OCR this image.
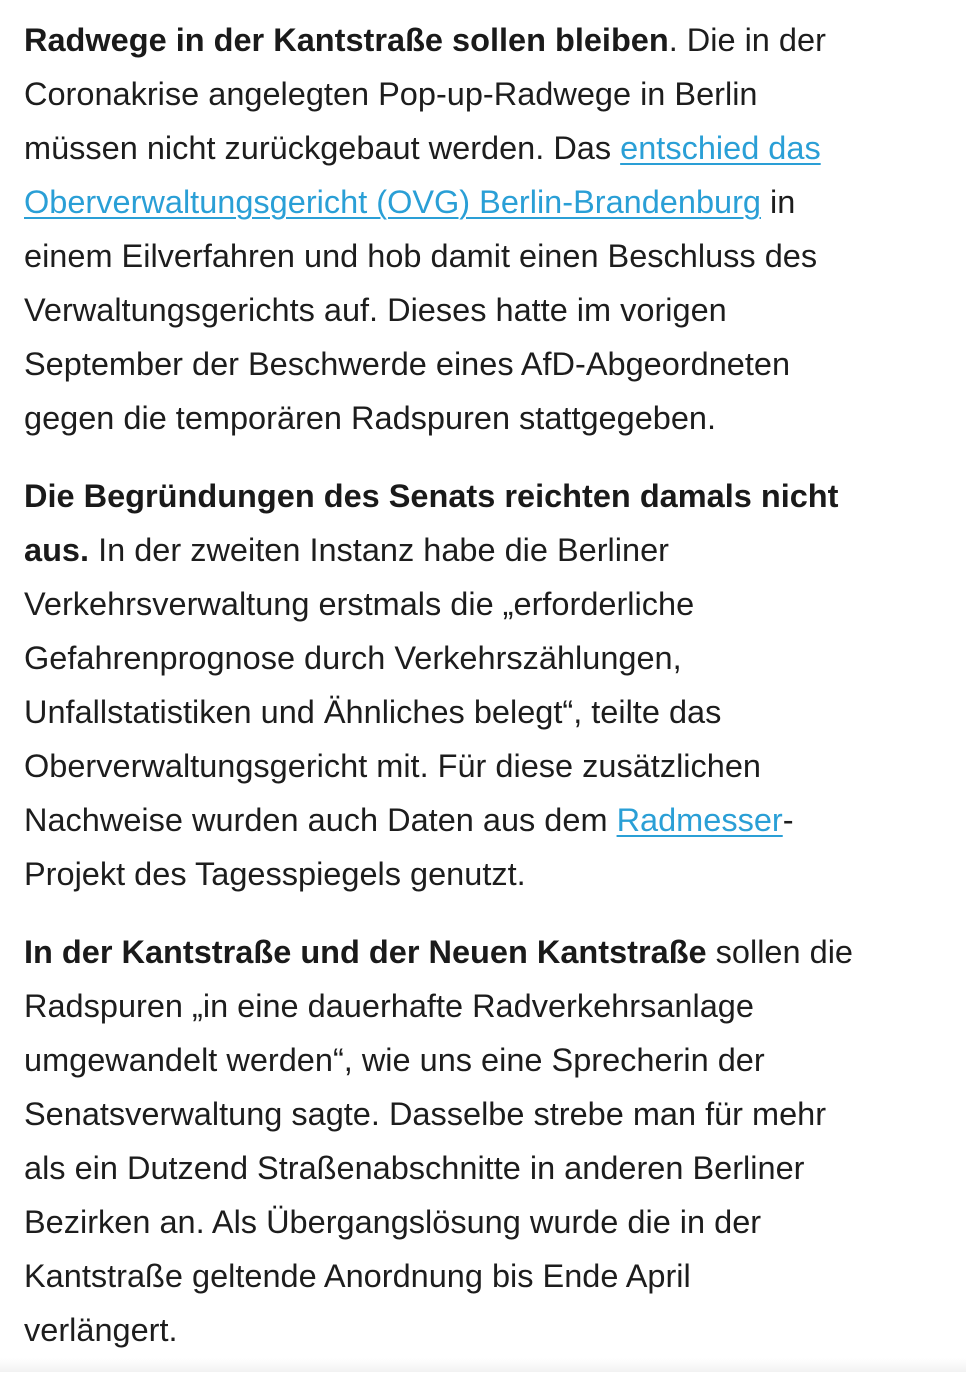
Radwege in der Kantstraße sollen bleiben. Die in der
Coronakrise angelegten Pop-up-Radwege in Berlin
müssen nicht zurückgebaut werden. Das entschied das
Oberverwaltungsgericht (OVG) Berlin-Brandenburg in
einem Eilverfahren und hob damit einen Beschluss des
Verwaltungsgerichts auf. Dieses hatte im vorigen
September der Beschwerde eines AfD-Abgeordneten
gegen die temporären Radspuren stattgegeben.

Die Begründungen des Senats reichten damals nicht
aus. In der zweiten Instanz habe die Berliner
Verkehrsverwaltung erstmals die „erforderliche
Gefahrenprognose durch Verkehrszählungen,
Unfallstatistiken und Ähnliches belegt“, teilte das
Oberverwaltungsgericht mit. Für diese zusätzlichen
Nachweise wurden auch Daten aus dem Radmesser-
Projekt des Tagesspiegels genutzt.

In der Kantstraße und der Neuen Kantstraße sollen die
Radspuren „in eine dauerhafte Radverkehrsanlage
umgewandelt werden“, wie uns eine Sprecherin der
Senatsverwaltung sagte. Dasselbe strebe man für mehr
als ein Dutzend Straßenabschnitte in anderen Berliner
Bezirken an. Als Übergangslösung wurde die in der
Kantstraße geltende Anordnung bis Ende April
verlängert.
